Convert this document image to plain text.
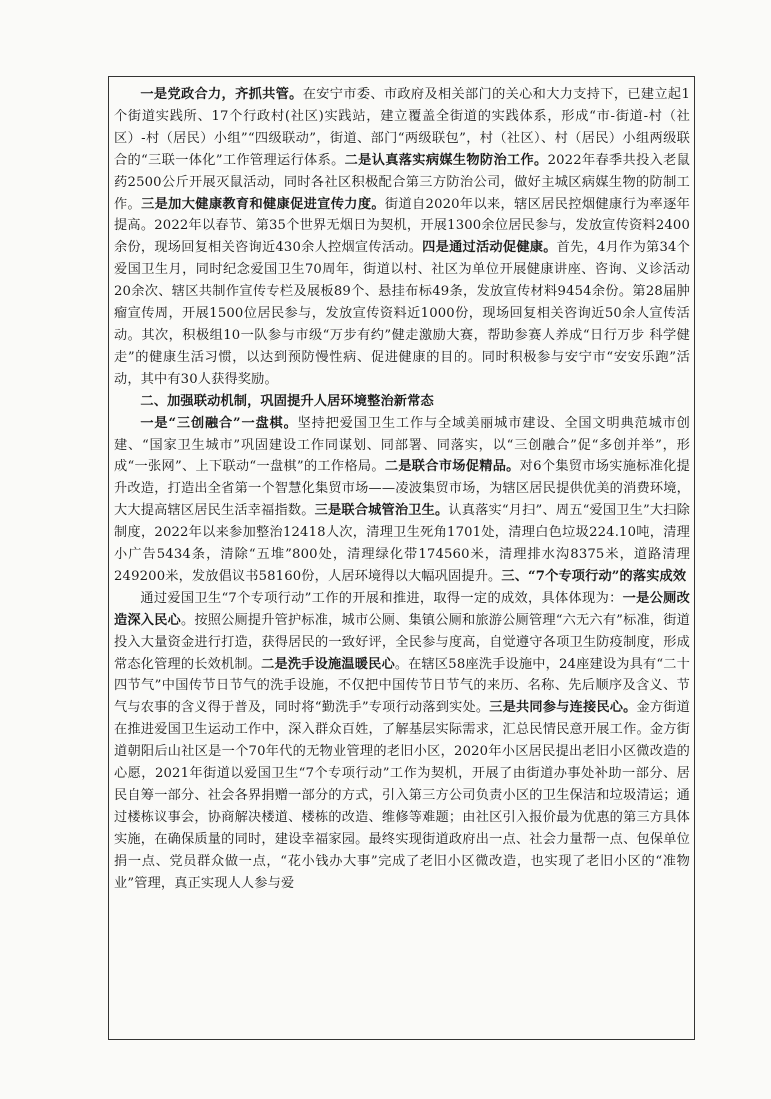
一是党政合力，齐抓共管。在安宁市委、市政府及相关部门的关心和大力支持下，已建立起1个街道实践所、17个行政村(社区)实践站，建立覆盖全街道的实践体系，形成“市-街道-村（社区）-村（居民）小组”“四级联动”，街道、部门“两级联包”，村（社区）、村（居民）小组两级联合的“三联一体化”工作管理运行体系。二是认真落实病媒生物防治工作。2022年春季共投入老鼠药2500公斤开展灭鼠活动，同时各社区积极配合第三方防治公司，做好主城区病媒生物的防制工作。三是加大健康教育和健康促进宣传力度。街道自2020年以来，辖区居民控烟健康行为率逐年提高。2022年以春节、第35个世界无烟日为契机，开展1300余位居民参与，发放宣传资料2400余份，现场回复相关咨询近430余人控烟宣传活动。四是通过活动促健康。首先，4月作为第34个爱国卫生月，同时纪念爱国卫生70周年，街道以村、社区为单位开展健康讲座、咨询、义诊活动20余次、辖区共制作宣传专栏及展板89个、悬挂布标49条，发放宣传材料9454余份。第28届肿瘤宣传周，开展1500位居民参与，发放宣传资料近1000份，现场回复相关咨询近50余人宣传活动。其次，积极组10一队参与市级“万步有约”健走激励大赛，帮助参赛人养成“日行万步 科学健走”的健康生活习惯，以达到预防慢性病、促进健康的目的。同时积极参与安宁市“安安乐跑”活动，其中有30人获得奖励。

二、加强联动机制，巩固提升人居环境整治新常态

一是“三创融合”一盘棋。坚持把爱国卫生工作与全域美丽城市建设、全国文明典范城市创建、“国家卫生城市”巩固建设工作同谋划、同部署、同落实，以“三创融合”促“多创并举”，形成“一张网”、上下联动“一盘棋”的工作格局。二是联合市场促精品。对6个集贸市场实施标准化提升改造，打造出全省第一个智慧化集贸市场——凌波集贸市场，为辖区居民提供优美的消费环境，大大提高辖区居民生活幸福指数。三是联合城管治卫生。认真落实“月扫”、周五“爱国卫生”大扫除制度，2022年以来参加整治12418人次，清理卫生死角1701处，清理白色垃圾224.10吨，清理小广告5434条，清除“五堆”800处，清理绿化带174560米，清理排水沟8375米，道路清理249200米，发放倡议书58160份，人居环境得以大幅巩固提升。三、“7个专项行动”的落实成效

通过爱国卫生“7个专项行动”工作的开展和推进，取得一定的成效，具体体现为：一是公厕改造深入民心。按照公厕提升管护标准，城市公厕、集镇公厕和旅游公厕管理“六无六有”标准，街道投入大量资金进行打造，获得居民的一致好评，全民参与度高，自觉遵守各项卫生防疫制度，形成常态化管理的长效机制。二是洗手设施温暖民心。在辖区58座洗手设施中，24座建设为具有“二十四节气”中国传节日节气的洗手设施，不仅把中国传节日节气的来历、名称、先后顺序及含义、节气与农事的含义得于普及，同时将“勤洗手”专项行动落到实处。三是共同参与连接民心。金方街道在推进爱国卫生运动工作中，深入群众百姓，了解基层实际需求，汇总民情民意开展工作。金方街道朝阳后山社区是一个70年代的无物业管理的老旧小区，2020年小区居民提出老旧小区微改造的心愿，2021年街道以爱国卫生“7个专项行动”工作为契机，开展了由街道办事处补助一部分、居民自筹一部分、社会各界捐赠一部分的方式，引入第三方公司负责小区的卫生保洁和垃圾清运；通过楼栋议事会，协商解决楼道、楼栋的改造、维修等难题；由社区引入报价最为优惠的第三方具体实施，在确保质量的同时，建设幸福家园。最终实现街道政府出一点、社会力量帮一点、包保单位捐一点、党员群众做一点，“花小钱办大事”完成了老旧小区微改造，也实现了老旧小区的“准物业”管理，真正实现人人参与爱
